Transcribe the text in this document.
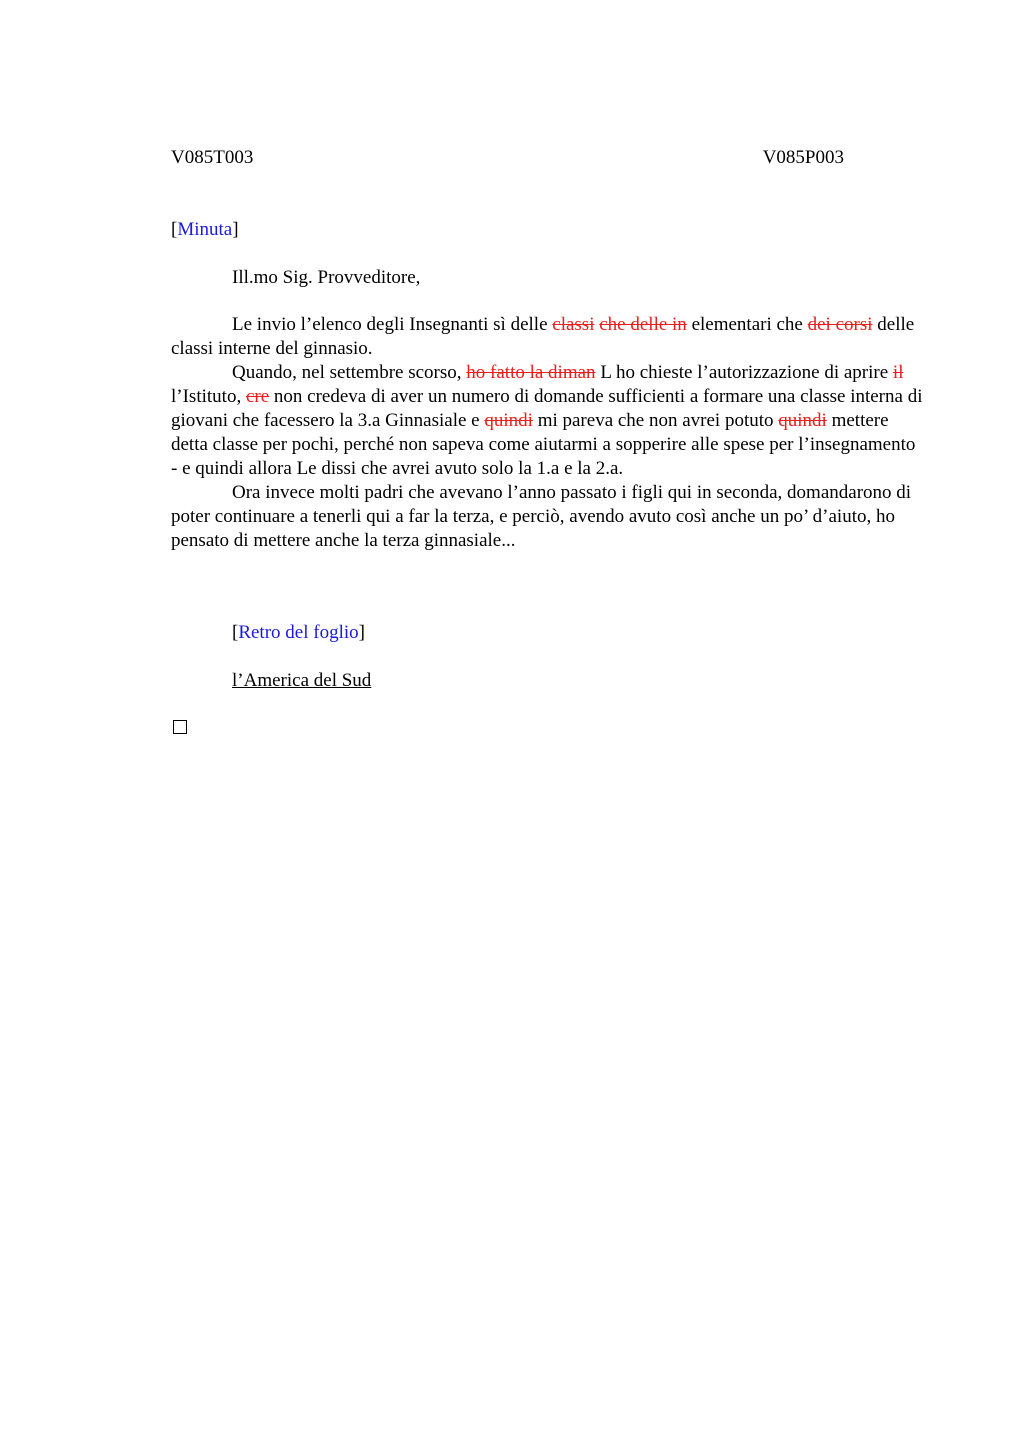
V085T003	V085P003
[Minuta]
Ill.mo Sig. Provveditore,

Le invio l’elenco degli Insegnanti sì delle classi che delle in elementari che dei corsi delle classi interne del ginnasio.

Quando, nel settembre scorso, ho fatto la diman L ho chieste l’autorizzazione di aprire il l’Istituto, cre non credeva di aver un numero di domande sufficienti a formare una classe interna di giovani che facessero la 3.a Ginnasiale e quindi mi pareva che non avrei potuto quindi mettere detta classe per pochi, perché non sapeva come aiutarmi a sopperire alle spese per l’insegnamento - e quindi allora Le dissi che avrei avuto solo la 1.a e la 2.a.

Ora invece molti padri che avevano l’anno passato i figli qui in seconda, domandarono di poter continuare a tenerli qui a far la terza, e perciò, avendo avuto così anche un po’ d’aiuto, ho pensato di mettere anche la terza ginnasiale...

[Retro del foglio]
l’America del Sud
